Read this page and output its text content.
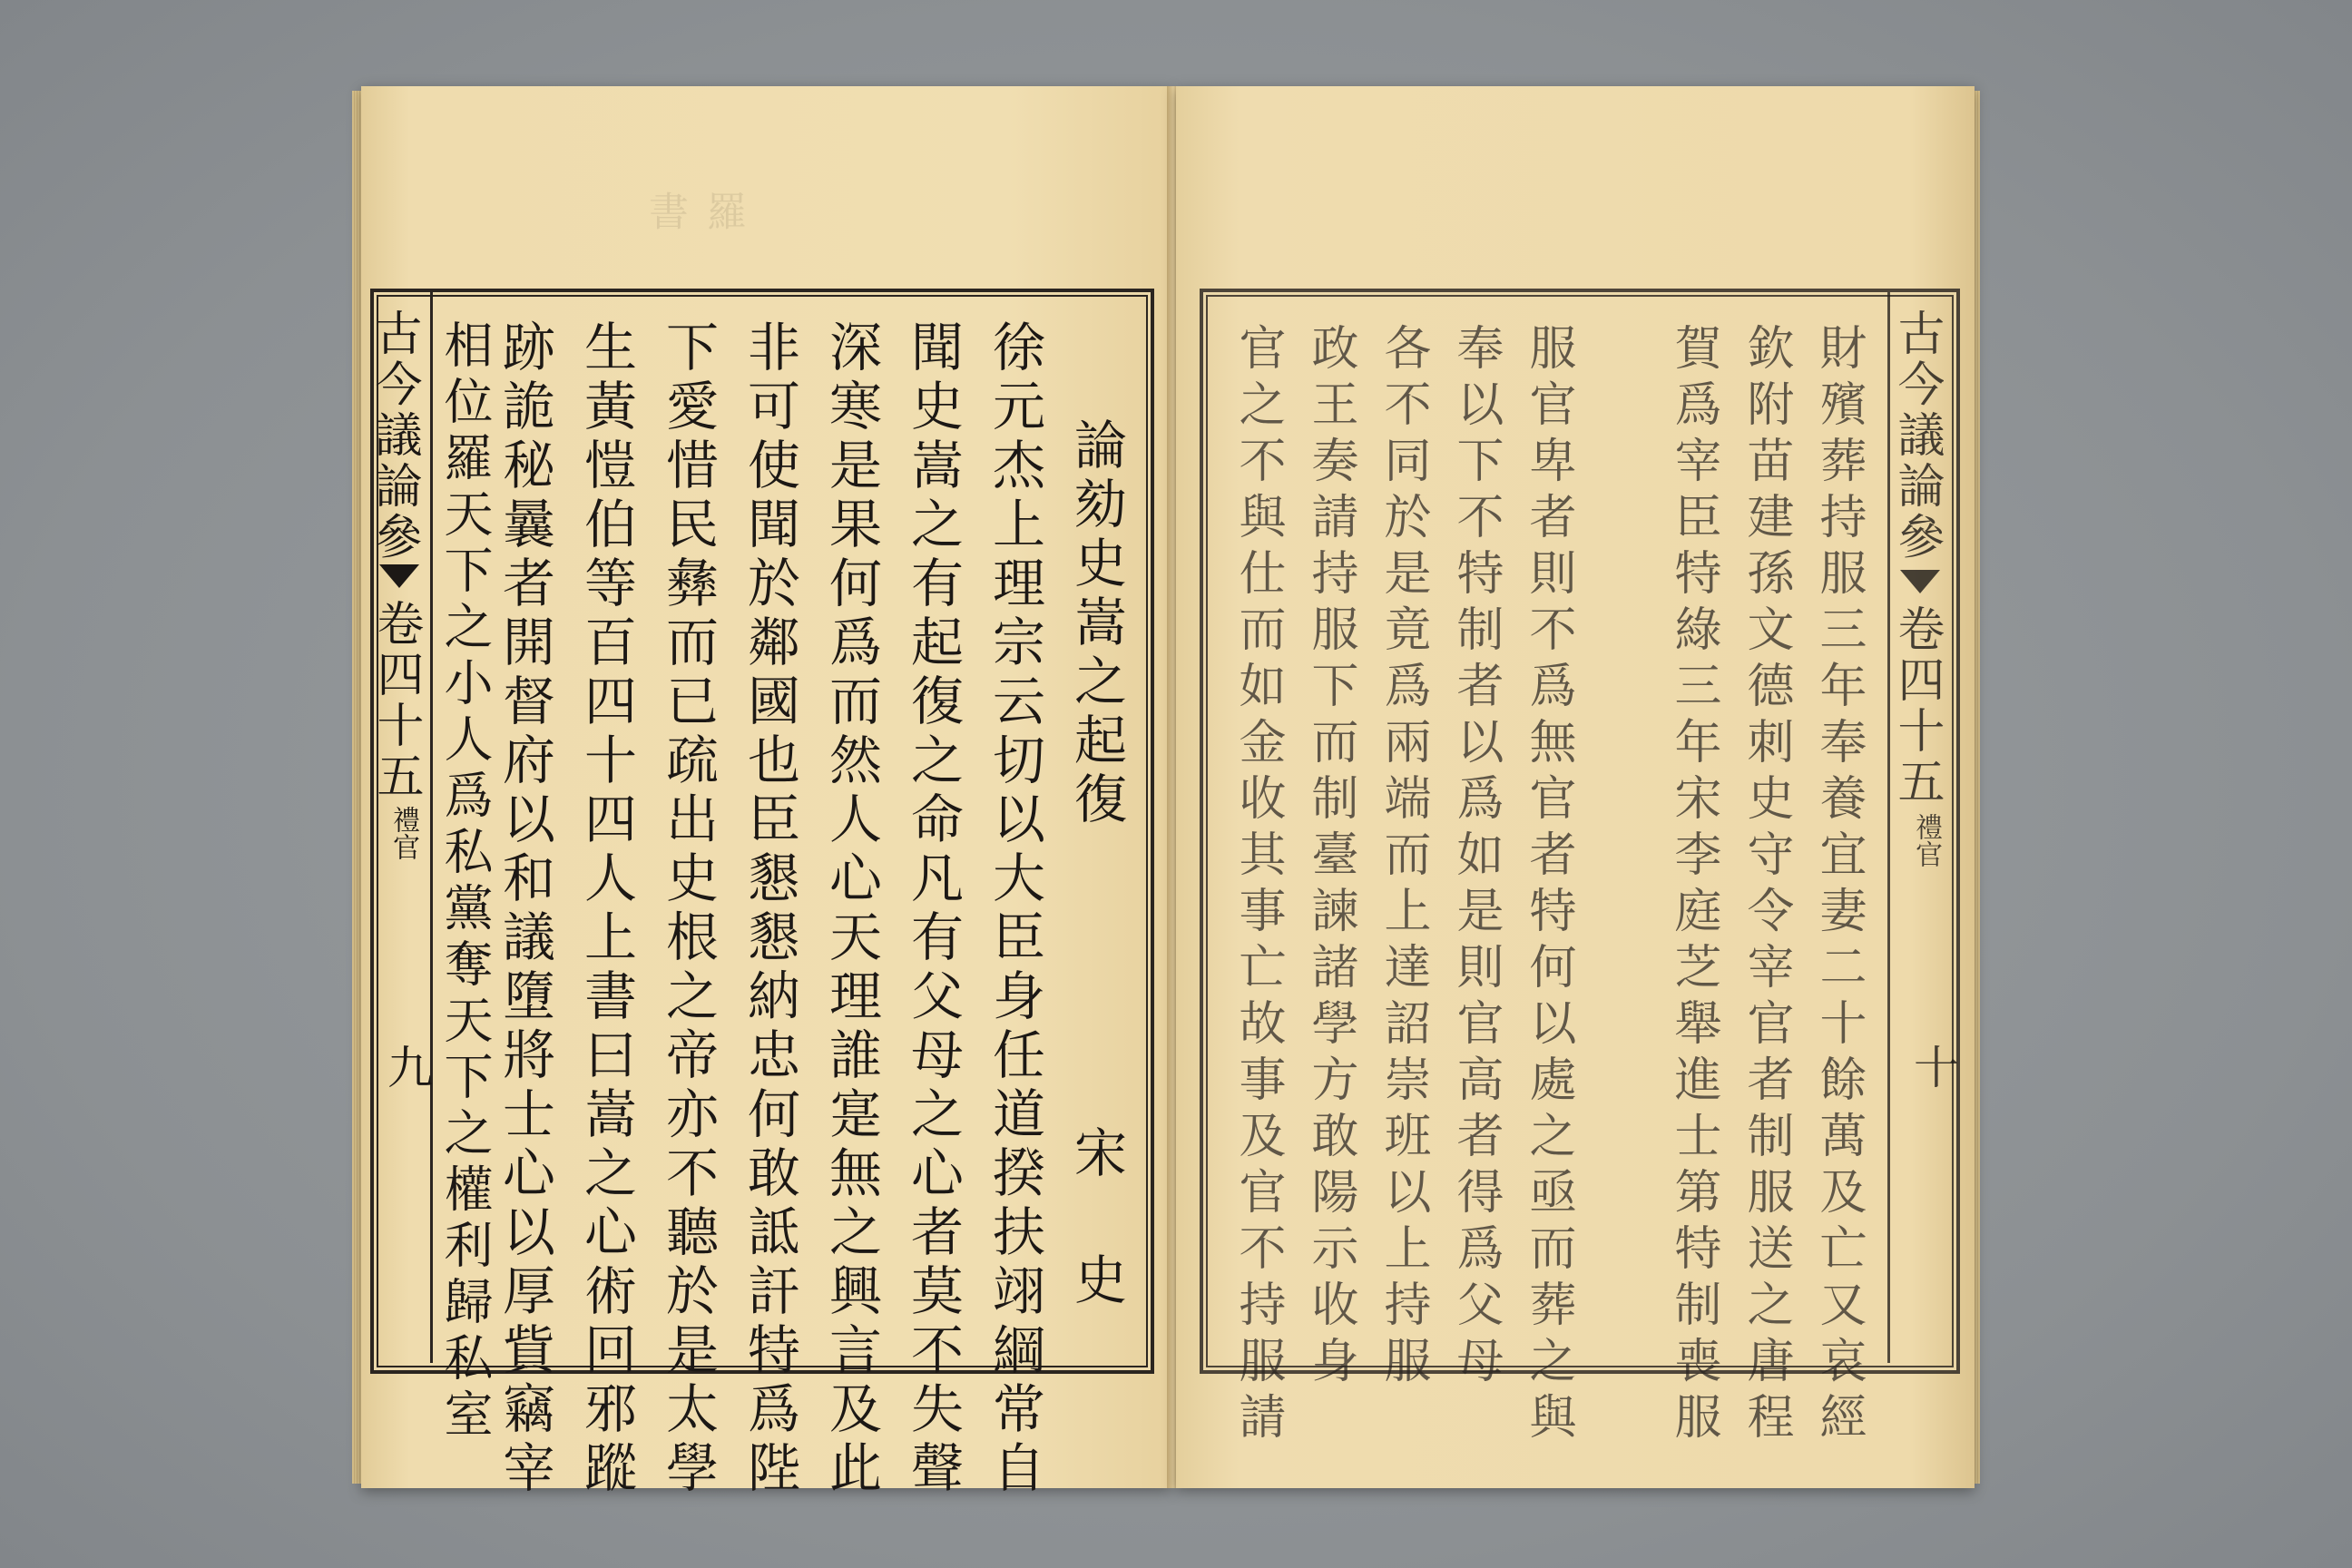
羅 書
古今議論參
卷四十五
禮官
九	論劾史嵩之起復　　　　　宋 史
徐元杰上理宗云切以大臣身任道揆扶翊綱常自
聞史嵩之有起復之命凡有父母之心者莫不失聲
深寒是果何爲而然人心天理誰寔無之興言及此
非可使聞於鄰國也臣懇懇納忠何敢詆訐特爲陛
下愛惜民彝而已疏出史根之帝亦不聽於是太學
生黃愷伯等百四十四人上書曰嵩之心術回邪蹤
跡詭秘曩者開督府以和議墮將士心以厚貲竊宰
相位羅天下之小人爲私黨奪天下之權利歸私室	古今議論參
卷四十五
禮官
十
財殯葬持服三年奉養宜妻二十餘萬及亡又哀經
欽附苗建孫文德刺史守令宰官者制服送之唐程
賀爲宰臣特綠三年宋李庭芝舉進士第特制喪服
服官卑者則不爲無官者特何以處之亟而葬之與
奉以下不特制者以爲如是則官高者得爲父母
各不同於是竟爲兩端而上達詔崇班以上持服
政王奏請持服下而制臺諫諸學方敢陽示收身
官之不與仕而如金收其事亡故事及官不持服請
